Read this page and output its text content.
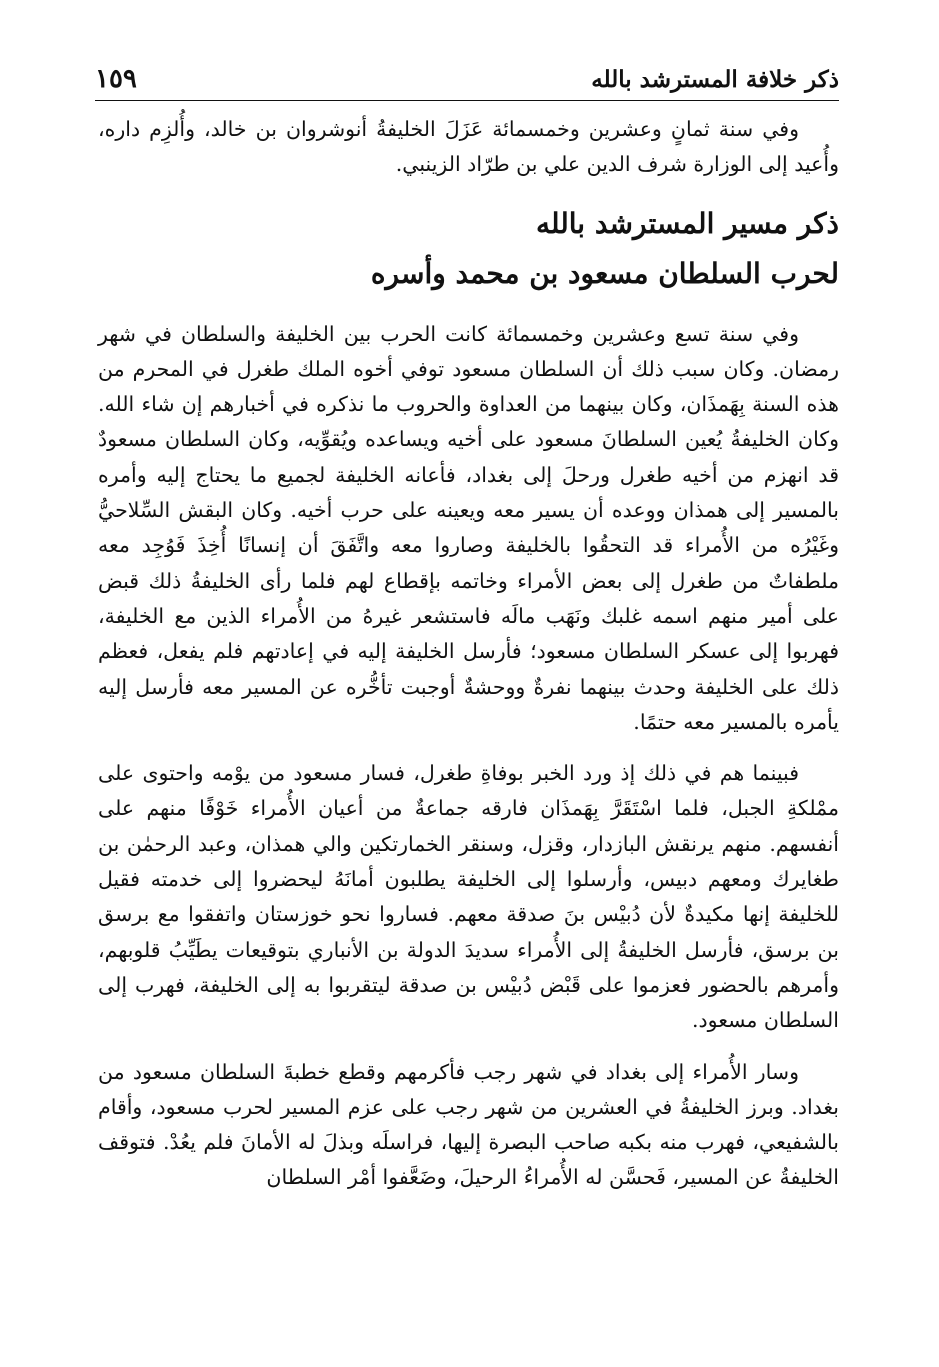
١٥٩	ذكر خلافة المسترشد بالله

وفي سنة ثمانٍ وعشرين وخمسمائة عَزَلَ الخليفةُ أنوشروان بن خالد، وأُلزِم داره، وأُعيد إلى الوزارة شرف الدين علي بن طرّاد الزينبي.

ذكر مسير المسترشد بالله
لحرب السلطان مسعود بن محمد وأسره

وفي سنة تسع وعشرين وخمسمائة كانت الحرب بين الخليفة والسلطان في شهر رمضان. وكان سبب ذلك أن السلطان مسعود توفي أخوه الملك طغرل في المحرم من هذه السنة بِهَمذَان، وكان بينهما من العداوة والحروب ما نذكره في أخبارهم إن شاء الله. وكان الخليفةُ يُعين السلطانَ مسعود على أخيه ويساعده ويُقوِّيه، وكان السلطان مسعودٌ قد انهزم من أخيه طغرل ورحلَ إلى بغداد، فأعانه الخليفة لجميع ما يحتاج إليه وأمره بالمسير إلى همذان ووعده أن يسير معه ويعينه على حرب أخيه. وكان البقش السِّلاحيُّ وغَيْرُه من الأُمراء قد التحقُوا بالخليفة وصاروا معه واتَّفَقَ أن إنسانًا أُخِذَ فَوُجِد معه ملطفاتٌ من طغرل إلى بعض الأمراء وخاتمه بإقطاع لهم فلما رأى الخليفةُ ذلك قبض على أمير منهم اسمه غلبك ونَهَب مالَه فاستشعر غيرهُ من الأُمراء الذين مع الخليفة، فهربوا إلى عسكر السلطان مسعود؛ فأرسل الخليفة إليه في إعادتهم فلم يفعل، فعظم ذلك على الخليفة وحدث بينهما نفرةٌ ووحشةٌ أوجبت تأخُّره عن المسير معه فأرسل إليه يأمره بالمسير معه حتمًا.

فبينما هم في ذلك إذ ورد الخبر بوفاةِ طغرل، فسار مسعود من يوْمه واحتوى على ممْلكةِ الجبل، فلما اسْتَقَرَّ بِهَمذَان فارقه جماعةٌ من أعيان الأُمراء خَوْفًا منهم على أنفسهم. منهم يرنقش البازدار، وقزل، وسنقر الخمارتكين والي همذان، وعبد الرحمٰن بن طغايرك ومعهم دبيس، وأرسلوا إلى الخليفة يطلبون أمانَهُ ليحضروا إلى خدمته فقيل للخليفة إنها مكيدةٌ لأن دُبيْس بنَ صدقة معهم. فساروا نحو خوزستان واتفقوا مع برسق بن برسق، فأرسل الخليفةُ إلى الأُمراء سديدَ الدولة بن الأنباري بتوقيعات يطَيِّبُ قلوبهم، وأمرهم بالحضور فعزموا على قَبْض دُبيْس بن صدقة ليتقربوا به إلى الخليفة، فهرب إلى السلطان مسعود.

وسار الأُمراء إلى بغداد في شهر رجب فأكرمهم وقطع خطبةَ السلطان مسعود من بغداد. وبرز الخليفةُ في العشرين من شهر رجب على عزم المسير لحرب مسعود، وأقام بالشفيعي، فهرب منه بكبه صاحب البصرة إليها، فراسلَه وبذلَ له الأمانَ فلم يعُدْ. فتوقف الخليفةُ عن المسير، فَحسَّن له الأُمراءُ الرحيلَ، وضَعَّفوا أمْر السلطان
